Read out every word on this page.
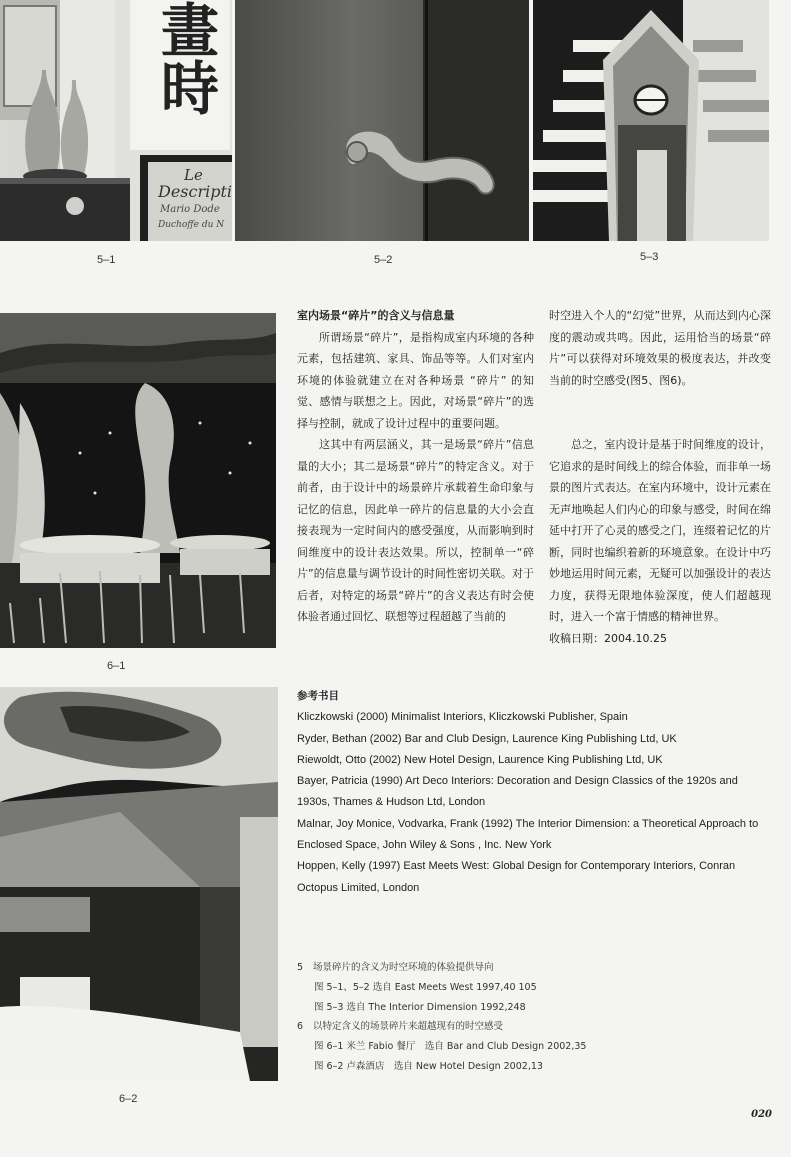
畫時
Le
Descripti
Mario Dode
Duchoffe du N
5–1	5–2	5–3
6–1
6–2
室内场景“碎片”的含义与信息量

所谓场景“碎片”，是指构成室内环境的各种元素，包括建筑、家具、饰品等等。人们对室内环境的体验就建立在对各种场景 “碎片” 的知觉、感情与联想之上。因此，对场景“碎片”的选择与控制，就成了设计过程中的重要问题。

这其中有两层涵义，其一是场景“碎片”信息量的大小；其二是场景“碎片”的特定含义。对于前者，由于设计中的场景碎片承载着生命印象与记忆的信息，因此单一碎片的信息量的大小会直接表现为一定时间内的感受强度，从而影响到时间维度中的设计表达效果。所以，控制单一“碎片”的信息量与调节设计的时间性密切关联。对于后者，对特定的场景“碎片”的含义表达有时会使体验者通过回忆、联想等过程超越了当前的

时空进入个人的“幻觉”世界，从而达到内心深度的震动或共鸣。因此，运用恰当的场景“碎片”可以获得对环境效果的极度表达，并改变当前的时空感受(图5、图6)。

总之，室内设计是基于时间维度的设计，它追求的是时间线上的综合体验，而非单一场景的图片式表达。在室内环境中，设计元素在无声地唤起人们内心的印象与感受，时间在绵延中打开了心灵的感受之门，连缀着记忆的片断，同时也编织着新的环境意象。在设计中巧妙地运用时间元素，无疑可以加强设计的表达力度，获得无限地体验深度，使人们超越现时，进入一个富于情感的精神世界。

收稿日期：2004.10.25
参考书目
Kliczkowski (2000) Minimalist Interiors, Kliczkowski Publisher, Spain
Ryder, Bethan (2002) Bar and Club Design, Laurence King Publishing Ltd, UK
Riewoldt, Otto (2002) New Hotel Design, Laurence King Publishing Ltd, UK
Bayer, Patricia (1990) Art Deco Interiors: Decoration and Design Classics of the 1920s and 1930s, Thames & Hudson Ltd, London
Malnar, Joy Monice, Vodvarka, Frank (1992) The Interior Dimension: a Theoretical Approach to Enclosed Space, John Wiley & Sons , Inc. New York
Hoppen, Kelly (1997) East Meets West: Global Design for Contemporary Interiors, Conran Octopus Limited, London
5 场景碎片的含义为时空环境的体验提供导向
图 5–1、5–2 选自 East Meets West 1997,40 105
图 5–3 选自 The Interior Dimension 1992,248
6 以特定含义的场景碎片来超越现有的时空感受
图 6–1 米兰 Fabio 餐厅　选自 Bar and Club Design 2002,35
图 6–2 卢森酒店　选自 New Hotel Design 2002,13
020
